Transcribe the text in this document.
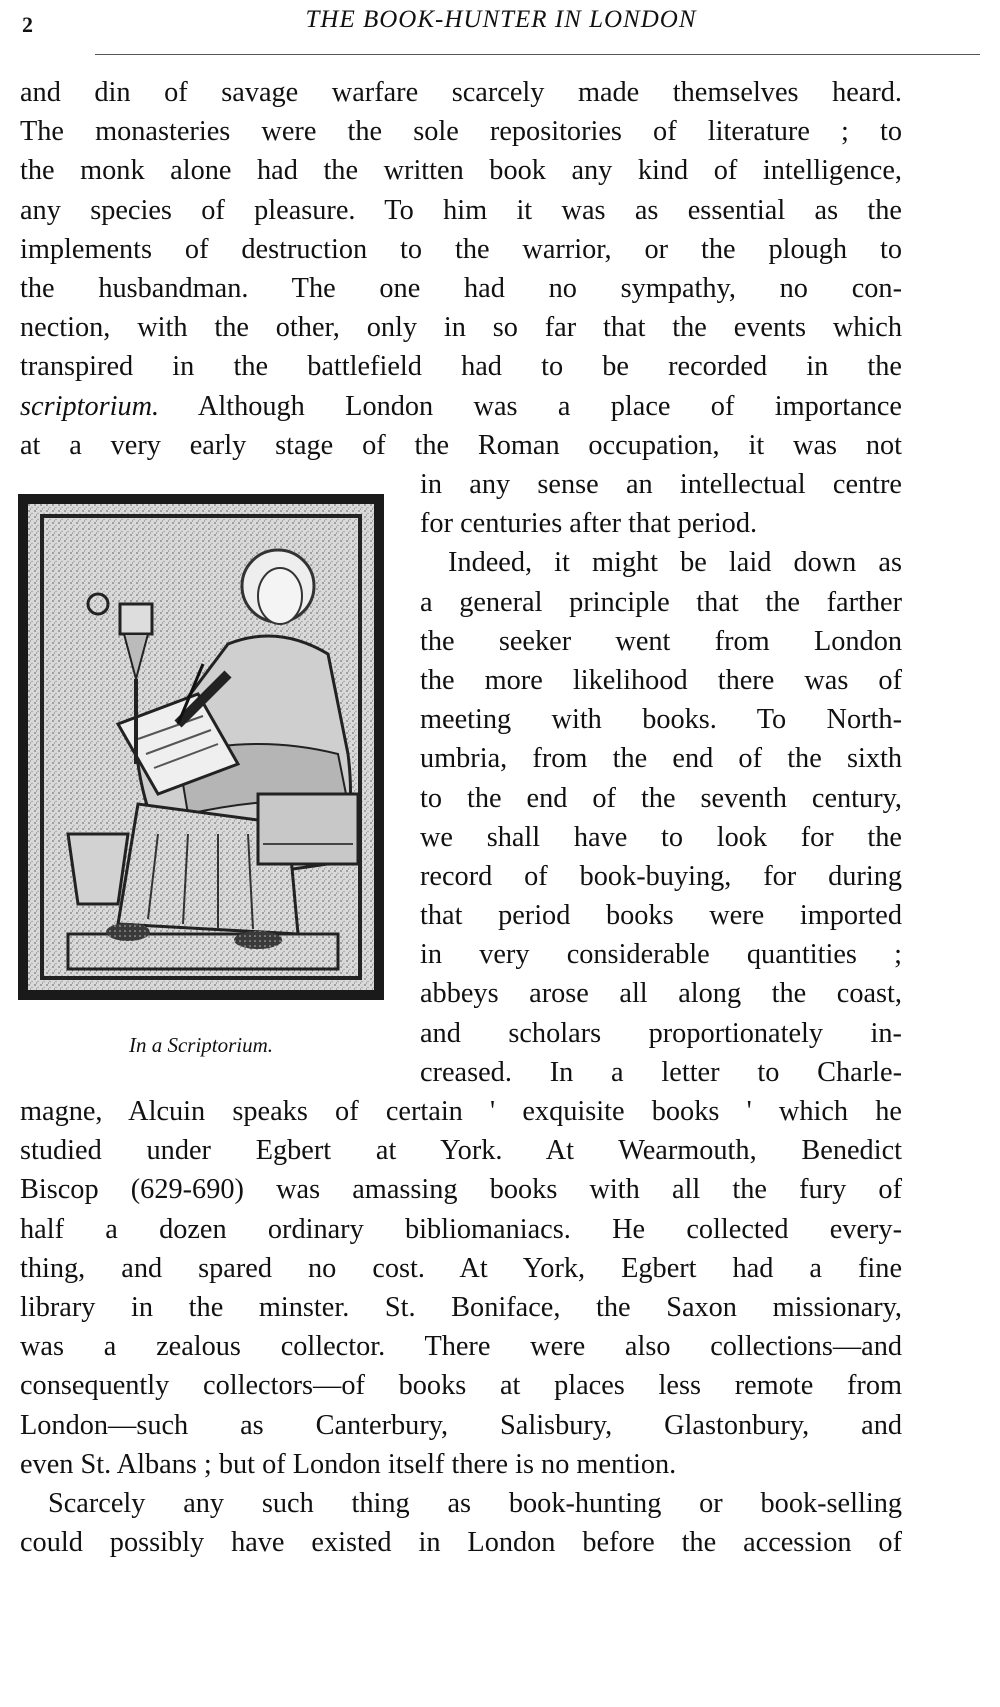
2	THE BOOK-HUNTER IN LONDON
and din of savage warfare scarcely made themselves heard.
The monasteries were the sole repositories of literature ; to
the monk alone had the written book any kind of intelligence,
any species of pleasure. To him it was as essential as the
implements of destruction to the warrior, or the plough to
the husbandman. The one had no sympathy, no con-
nection, with the other, only in so far that the events which
transpired in the battlefield had to be recorded in the
scriptorium. Although London was a place of importance
at a very early stage of the Roman occupation, it was not
In a Scriptorium.
in any sense an intellectual centre
for centuries after that period.
Indeed, it might be laid down as
a general principle that the farther
the seeker went from London
the more likelihood there was of
meeting with books. To North-
umbria, from the end of the sixth
to the end of the seventh century,
we shall have to look for the
record of book-buying, for during
that period books were imported
in very considerable quantities ;
abbeys arose all along the coast,
and scholars proportionately in-
creased. In a letter to Charle-
magne, Alcuin speaks of certain ' exquisite books ' which he
studied under Egbert at York. At Wearmouth, Benedict
Biscop (629-690) was amassing books with all the fury of
half a dozen ordinary bibliomaniacs. He collected every-
thing, and spared no cost. At York, Egbert had a fine
library in the minster. St. Boniface, the Saxon missionary,
was a zealous collector. There were also collections—and
consequently collectors—of books at places less remote from
London—such as Canterbury, Salisbury, Glastonbury, and
even St. Albans ; but of London itself there is no mention.
Scarcely any such thing as book-hunting or book-selling
could possibly have existed in London before the accession of
